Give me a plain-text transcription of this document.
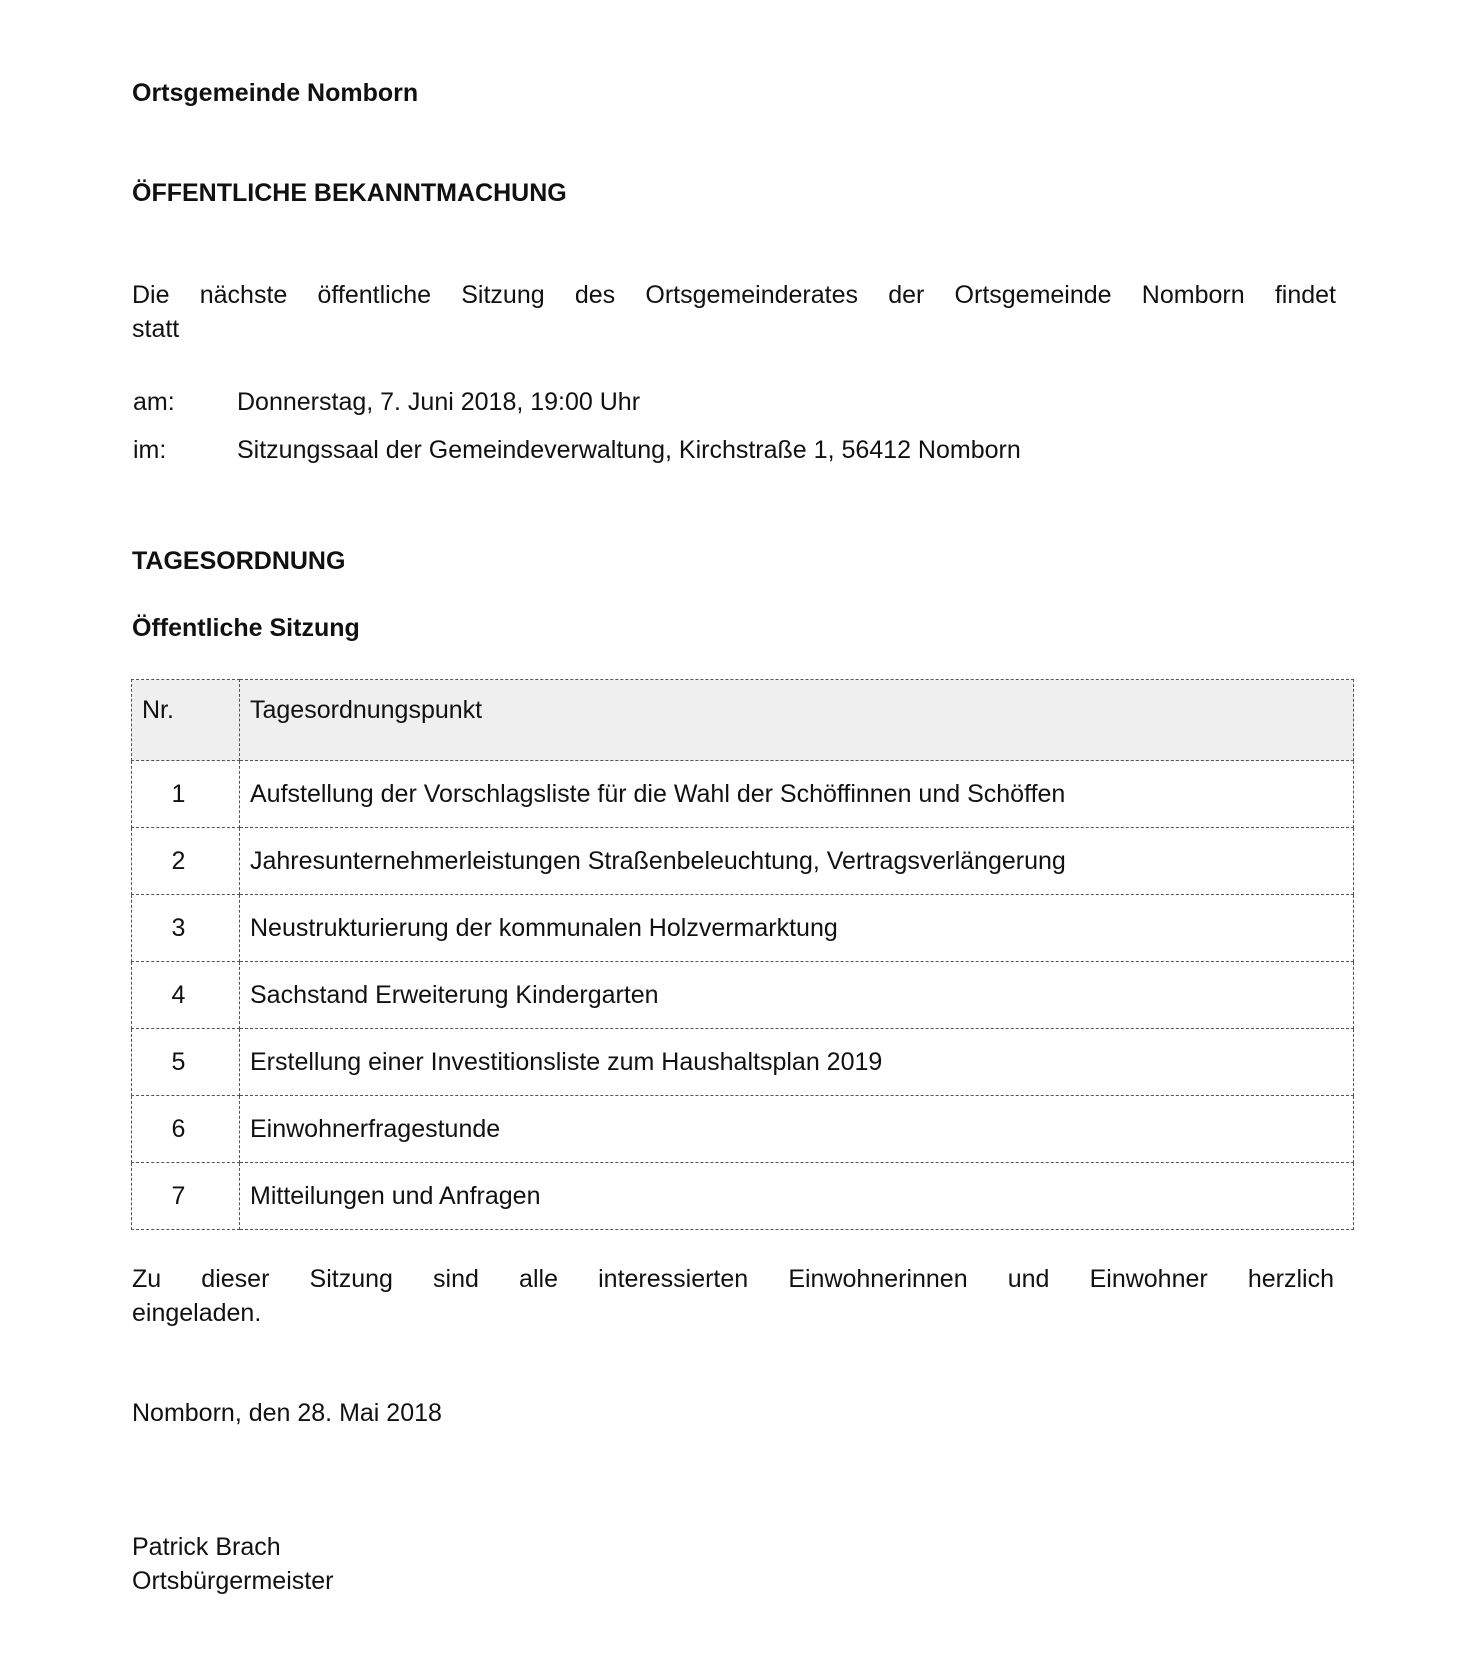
Ortsgemeinde Nomborn
ÖFFENTLICHE BEKANNTMACHUNG
Die nächste öffentliche Sitzung des Ortsgemeinderates der Ortsgemeinde Nomborn findet
statt
am: Donnerstag, 7. Juni 2018, 19:00 Uhr
im:	Sitzungssaal der Gemeindeverwaltung, Kirchstraße 1, 56412 Nomborn
TAGESORDNUNG
Öffentliche Sitzung
Nr.	Tagesordnungspunkt
1	Aufstellung der Vorschlagsliste für die Wahl der Schöffinnen und Schöffen
2	Jahresunternehmerleistungen Straßenbeleuchtung, Vertragsverlängerung
3	Neustrukturierung der kommunalen Holzvermarktung
4	Sachstand Erweiterung Kindergarten
5	Erstellung einer Investitionsliste zum Haushaltsplan 2019
6	Einwohnerfragestunde
7	Mitteilungen und Anfragen
Zu dieser Sitzung sind alle interessierten Einwohnerinnen und Einwohner herzlich
eingeladen.
Nomborn, den 28. Mai 2018
Patrick Brach
Ortsbürgermeister
